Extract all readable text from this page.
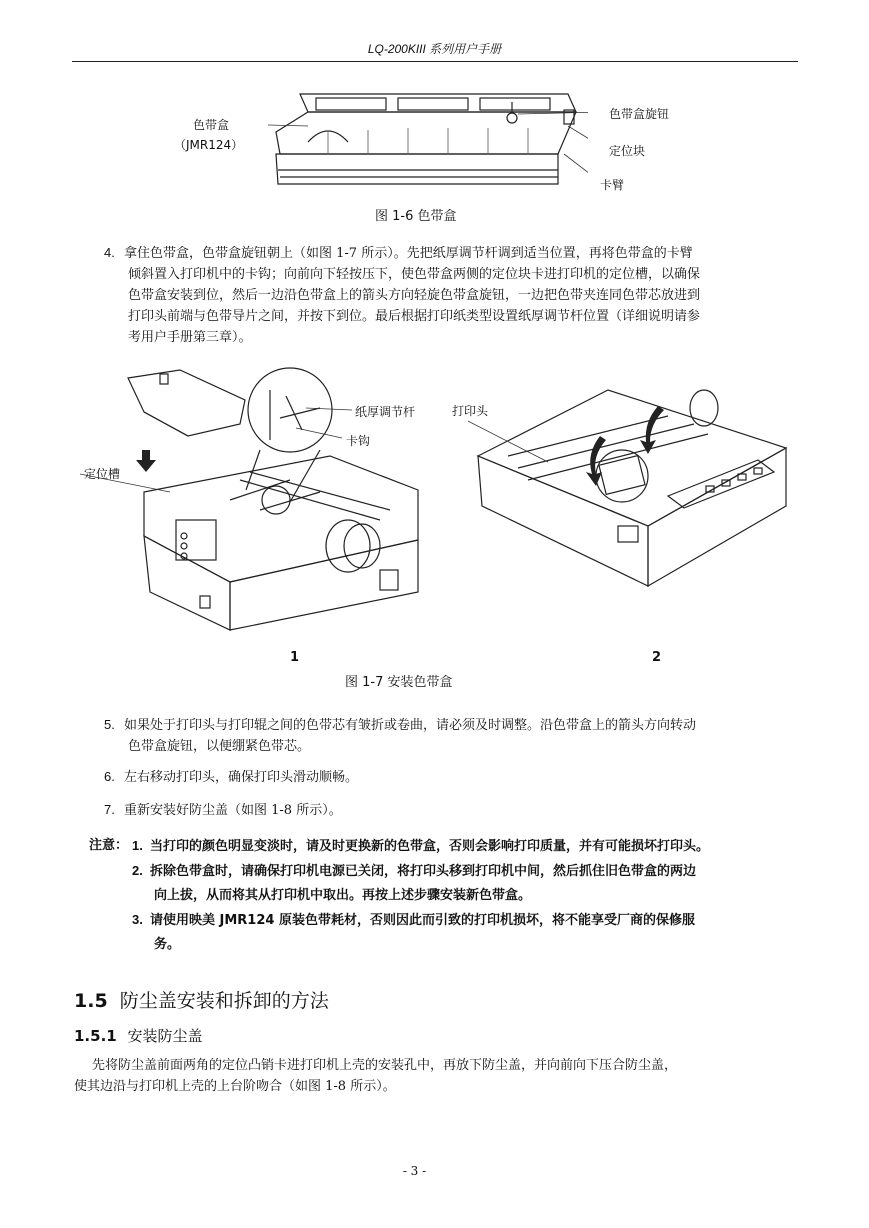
LQ-200KIII 系列用户手册
色带盒
（JMR124）
色带盒旋钮
定位块
卡臂
图 1-6 色带盒
4. 拿住色带盒，色带盒旋钮朝上（如图 1-7 所示）。先把纸厚调节杆调到适当位置，再将色带盒的卡臂
倾斜置入打印机中的卡钩；向前向下轻按压下，使色带盒两侧的定位块卡进打印机的定位槽，以确保
色带盒安装到位，然后一边沿色带盒上的箭头方向轻旋色带盒旋钮，一边把色带夹连同色带芯放进到
打印头前端与色带导片之间，并按下到位。最后根据打印纸类型设置纸厚调节杆位置（详细说明请参
考用户手册第三章）。
纸厚调节杆
卡钩
定位槽
打印头
1	2
图 1-7 安装色带盒
5. 如果处于打印头与打印辊之间的色带芯有皱折或卷曲，请必须及时调整。沿色带盒上的箭头方向转动
色带盒旋钮，以便绷紧色带芯。
6. 左右移动打印头，确保打印头滑动顺畅。
7. 重新安装好防尘盖（如图 1-8 所示）。
注意： 1. 当打印的颜色明显变淡时，请及时更换新的色带盒，否则会影响打印质量，并有可能损坏打印头。
2. 拆除色带盒时，请确保打印机电源已关闭，将打印头移到打印机中间，然后抓住旧色带盒的两边
向上拔，从而将其从打印机中取出。再按上述步骤安装新色带盒。
3. 请使用映美 JMR124 原装色带耗材，否则因此而引致的打印机损坏，将不能享受厂商的保修服
务。
1.5 防尘盖安装和拆卸的方法
1.5.1 安装防尘盖
先将防尘盖前面两角的定位凸销卡进打印机上壳的安装孔中，再放下防尘盖，并向前向下压合防尘盖，
使其边沿与打印机上壳的上台阶吻合（如图 1-8 所示）。
- 3 -
